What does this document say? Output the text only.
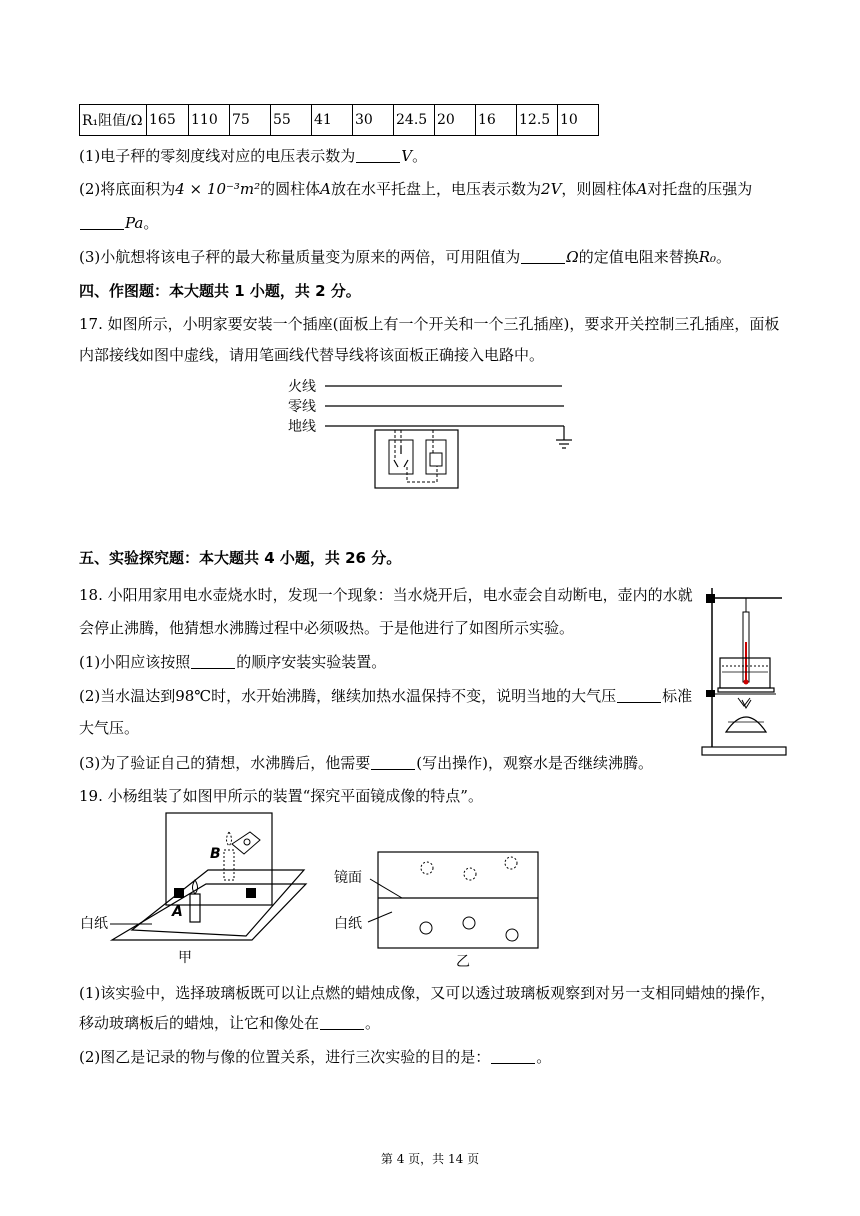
R₁阻值/Ω	165	110	75	55	41	30	24.5	20	16	12.5	10
(1)电子秤的零刻度线对应的电压表示数为	V。
(2)将底面积为4 × 10⁻³m²的圆柱体A放在水平托盘上，电压表示数为2V，则圆柱体A对托盘的压强为
Pa。
(3)小航想将该电子秤的最大称量质量变为原来的两倍，可用阻值为	Ω的定值电阻来替换R₀。
四、作图题：本大题共 1 小题，共 2 分。
17. 如图所示，小明家要安装一个插座(面板上有一个开关和一个三孔插座)，要求开关控制三孔插座，面板
内部接线如图中虚线，请用笔画线代替导线将该面板正确接入电路中。
火线
零线
地线
五、实验探究题：本大题共 4 小题，共 26 分。
18. 小阳用家用电水壶烧水时，发现一个现象：当水烧开后，电水壶会自动断电，壶内的水就
会停止沸腾，他猜想水沸腾过程中必须吸热。于是他进行了如图所示实验。
(1)小阳应该按照	的顺序安装实验装置。
(2)当水温达到98℃时，水开始沸腾，继续加热水温保持不变，说明当地的大气压	标准
大气压。
(3)为了验证自己的猜想，水沸腾后，他需要	(写出操作)，观察水是否继续沸腾。
19. 小杨组装了如图甲所示的装置“探究平面镜成像的特点”。
B
A
白纸
甲
镜面
白纸
乙
(1)该实验中，选择玻璃板既可以让点燃的蜡烛成像，又可以透过玻璃板观察到对另一支相同蜡烛的操作，
移动玻璃板后的蜡烛，让它和像处在	。
(2)图乙是记录的物与像的位置关系，进行三次实验的目的是：	。
第 4 页，共 14 页
